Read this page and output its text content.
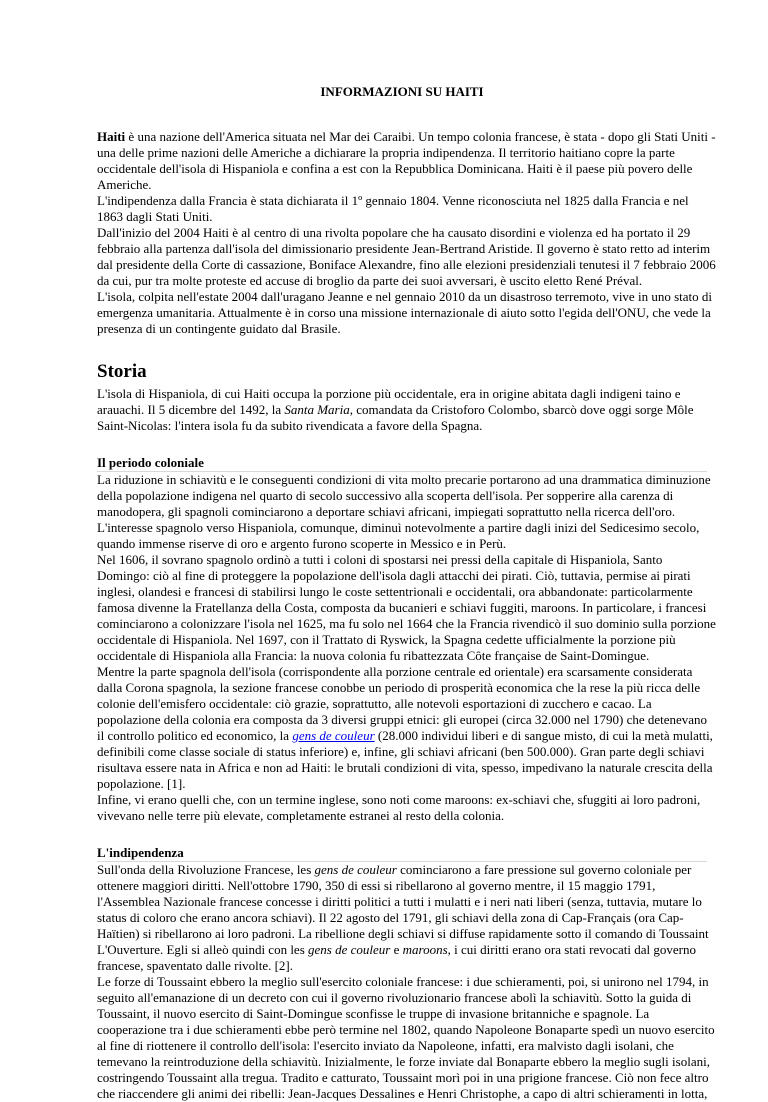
INFORMAZIONI SU HAITI

Haiti è una nazione dell'America situata nel Mar dei Caraibi. Un tempo colonia francese, è stata - dopo gli Stati Uniti - una delle prime nazioni delle Americhe a dichiarare la propria indipendenza. Il territorio haitiano copre la parte occidentale dell'isola di Hispaniola e confina a est con la Repubblica Dominicana. Haiti è il paese più povero delle Americhe.

L'indipendenza dalla Francia è stata dichiarata il 1º gennaio 1804. Venne riconosciuta nel 1825 dalla Francia e nel 1863 dagli Stati Uniti.

Dall'inizio del 2004 Haiti è al centro di una rivolta popolare che ha causato disordini e violenza ed ha portato il 29 febbraio alla partenza dall'isola del dimissionario presidente Jean-Bertrand Aristide. Il governo è stato retto ad interim dal presidente della Corte di cassazione, Boniface Alexandre, fino alle elezioni presidenziali tenutesi il 7 febbraio 2006 da cui, pur tra molte proteste ed accuse di broglio da parte dei suoi avversari, è uscito eletto René Préval.

L'isola, colpita nell'estate 2004 dall'uragano Jeanne e nel gennaio 2010 da un disastroso terremoto, vive in uno stato di emergenza umanitaria. Attualmente è in corso una missione internazionale di aiuto sotto l'egida dell'ONU, che vede la presenza di un contingente guidato dal Brasile.

Storia

L'isola di Hispaniola, di cui Haiti occupa la porzione più occidentale, era in origine abitata dagli indigeni taino e arauachi. Il 5 dicembre del 1492, la Santa Maria, comandata da Cristoforo Colombo, sbarcò dove oggi sorge Môle Saint-Nicolas: l'intera isola fu da subito rivendicata a favore della Spagna.

Il periodo coloniale

La riduzione in schiavitù e le conseguenti condizioni di vita molto precarie portarono ad una drammatica diminuzione della popolazione indigena nel quarto di secolo successivo alla scoperta dell'isola. Per sopperire alla carenza di manodopera, gli spagnoli cominciarono a deportare schiavi africani, impiegati soprattutto nella ricerca dell'oro. L'interesse spagnolo verso Hispaniola, comunque, diminuì notevolmente a partire dagli inizi del Sedicesimo secolo, quando immense riserve di oro e argento furono scoperte in Messico e in Perù.

Nel 1606, il sovrano spagnolo ordinò a tutti i coloni di spostarsi nei pressi della capitale di Hispaniola, Santo Domingo: ciò al fine di proteggere la popolazione dell'isola dagli attacchi dei pirati. Ciò, tuttavia, permise ai pirati inglesi, olandesi e francesi di stabilirsi lungo le coste settentrionali e occidentali, ora abbandonate: particolarmente famosa divenne la Fratellanza della Costa, composta da bucanieri e schiavi fuggiti, maroons. In particolare, i francesi cominciarono a colonizzare l'isola nel 1625, ma fu solo nel 1664 che la Francia rivendicò il suo dominio sulla porzione occidentale di Hispaniola. Nel 1697, con il Trattato di Ryswick, la Spagna cedette ufficialmente la porzione più occidentale di Hispaniola alla Francia: la nuova colonia fu ribattezzata Côte française de Saint-Domingue.

Mentre la parte spagnola dell'isola (corrispondente alla porzione centrale ed orientale) era scarsamente considerata dalla Corona spagnola, la sezione francese conobbe un periodo di prosperità economica che la rese la più ricca delle colonie dell'emisfero occidentale: ciò grazie, soprattutto, alle notevoli esportazioni di zucchero e cacao. La popolazione della colonia era composta da 3 diversi gruppi etnici: gli europei (circa 32.000 nel 1790) che detenevano il controllo politico ed economico, la gens de couleur (28.000 individui liberi e di sangue misto, di cui la metà mulatti, definibili come classe sociale di status inferiore) e, infine, gli schiavi africani (ben 500.000). Gran parte degli schiavi risultava essere nata in Africa e non ad Haiti: le brutali condizioni di vita, spesso, impedivano la naturale crescita della popolazione. [1].

Infine, vi erano quelli che, con un termine inglese, sono noti come maroons: ex-schiavi che, sfuggiti ai loro padroni, vivevano nelle terre più elevate, completamente estranei al resto della colonia.

L'indipendenza

Sull'onda della Rivoluzione Francese, les gens de couleur cominciarono a fare pressione sul governo coloniale per ottenere maggiori diritti. Nell'ottobre 1790, 350 di essi si ribellarono al governo mentre, il 15 maggio 1791, l'Assemblea Nazionale francese concesse i diritti politici a tutti i mulatti e i neri nati liberi (senza, tuttavia, mutare lo status di coloro che erano ancora schiavi). Il 22 agosto del 1791, gli schiavi della zona di Cap-Français (ora Cap-Haïtien) si ribellarono ai loro padroni. La ribellione degli schiavi si diffuse rapidamente sotto il comando di Toussaint L'Ouverture. Egli si alleò quindi con les gens de couleur e maroons, i cui diritti erano ora stati revocati dal governo francese, spaventato dalle rivolte. [2].

Le forze di Toussaint ebbero la meglio sull'esercito coloniale francese: i due schieramenti, poi, si unirono nel 1794, in seguito all'emanazione di un decreto con cui il governo rivoluzionario francese abolì la schiavitù. Sotto la guida di Toussaint, il nuovo esercito di Saint-Domingue sconfisse le truppe di invasione britanniche e spagnole. La cooperazione tra i due schieramenti ebbe però termine nel 1802, quando Napoleone Bonaparte spedì un nuovo esercito al fine di riottenere il controllo dell'isola: l'esercito inviato da Napoleone, infatti, era malvisto dagli isolani, che temevano la reintroduzione della schiavitù. Inizialmente, le forze inviate dal Bonaparte ebbero la meglio sugli isolani, costringendo Toussaint alla tregua. Tradito e catturato, Toussaint morì poi in una prigione francese. Ciò non fece altro che riaccendere gli animi dei ribelli: Jean-Jacques Dessalines e Henri Christophe, a capo di altri schieramenti in lotta,
